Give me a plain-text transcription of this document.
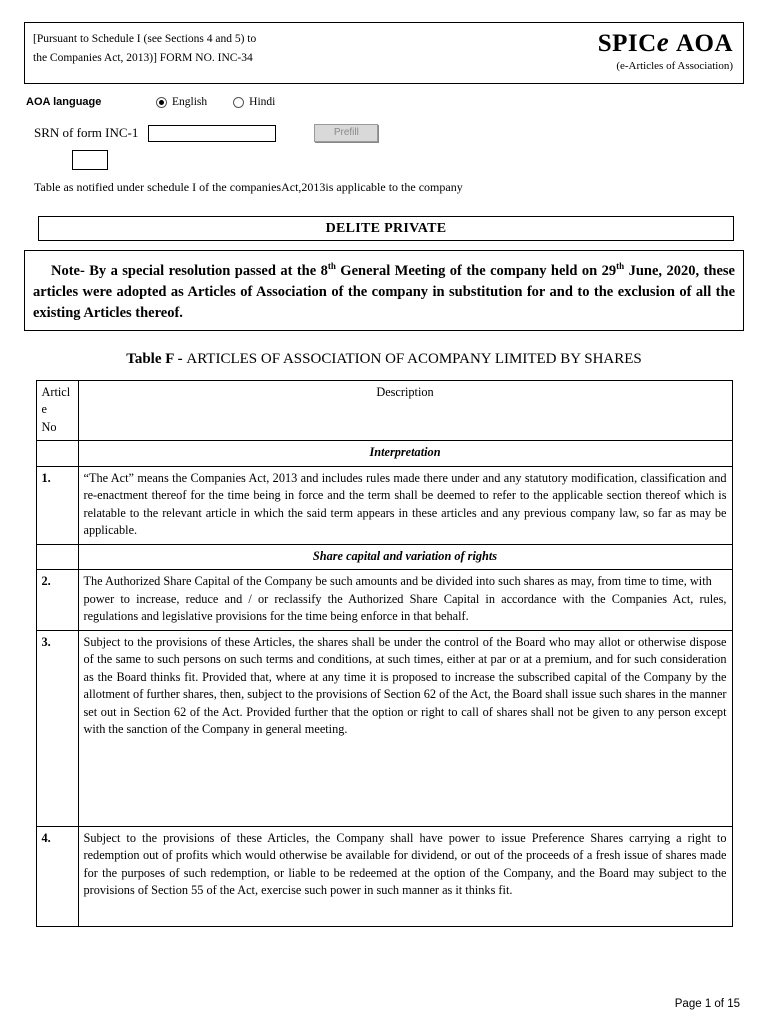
[Pursuant to Schedule I (see Sections 4 and 5) to
the Companies Act, 2013)] FORM NO. INC-34
SPICe AOA
(e-Articles of Association)
AOA language	English	Hindi
SRN of form INC-1	Prefill
Table as notified under schedule I of the companiesAct,2013is applicable to the company
DELITE PRIVATE
Note- By a special resolution passed at the 8th General Meeting of the company held on 29th June, 2020, these articles were adopted as Articles of Association of the company in substitution for and to the exclusion of all the existing Articles thereof.
Table F - ARTICLES OF ASSOCIATION OF ACOMPANY LIMITED BY SHARES
Articl
e
No	Description
	Interpretation
1.	“The Act” means the Companies Act, 2013 and includes rules made there under and any statutory modification, classification and re-enactment thereof for the time being in force and the term shall be deemed to refer to the applicable section thereof which is relatable to the relevant article in which the said term appears in these articles and any previous company law, so far as may be applicable.
	Share capital and variation of rights
2.	The Authorized Share Capital of the Company be such amounts and be divided into such shares as may, from time to time, with
power to increase, reduce and / or reclassify the Authorized Share Capital in accordance with the Companies Act, rules, regulations and legislative provisions for the time being enforce in that behalf.

3.	Subject to the provisions of these Articles, the shares shall be under the control of the Board who may allot or otherwise dispose of the same to such persons on such terms and conditions, at such times, either at par or at a premium, and for such consideration as the Board thinks fit. Provided that, where at any time it is proposed to increase the subscribed capital of the Company by the allotment of further shares, then, subject to the provisions of Section 62 of the Act, the Board shall issue such shares in the manner set out in Section 62 of the Act. Provided further that the option or right to call of shares shall not be given to any person except with the sanction of the Company in general meeting.
4.	Subject to the provisions of these Articles, the Company shall have power to issue Preference Shares carrying a right to redemption out of profits which would otherwise be available for dividend, or out of the proceeds of a fresh issue of shares made for the purposes of such redemption, or liable to be redeemed at the option of the Company, and the Board may subject to the provisions of Section 55 of the Act, exercise such power in such manner as it thinks fit.
Page 1 of 15
